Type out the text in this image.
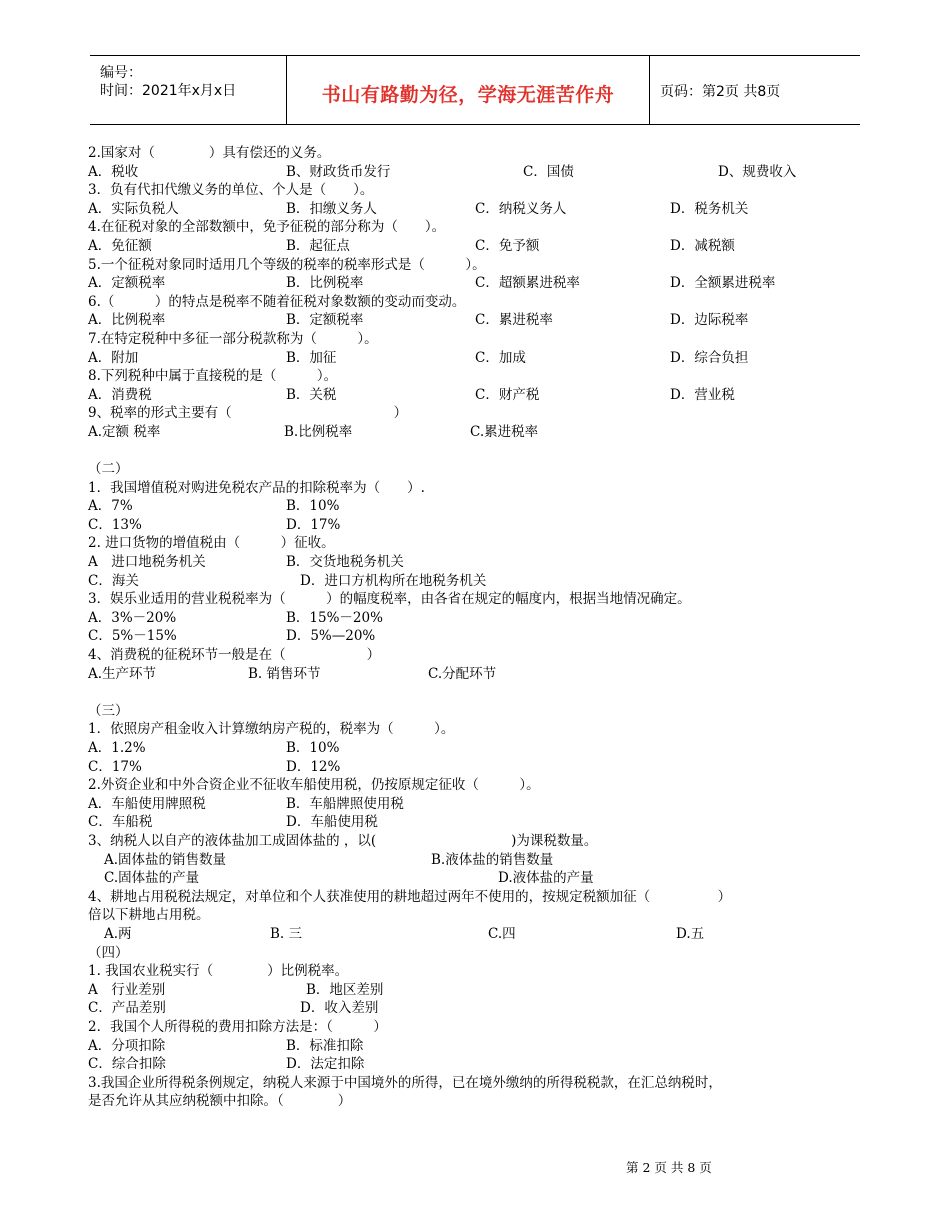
编号：
时间：2021年x月x日	书山有路勤为径，学海无涯苦作舟	页码：第2页 共8页
2.国家对（　　　　）具有偿还的义务。
A．税收	B、财政货币发行	C．国债	D、规费收入
3．负有代扣代缴义务的单位、个人是（　　）。
A．实际负税人	B．扣缴义务人	C．纳税义务人	D．税务机关
4.在征税对象的全部数额中，免予征税的部分称为（　　）。
A．免征额	B．起征点	C．免予额	D．减税额
5.一个征税对象同时适用几个等级的税率的税率形式是（　　　）。
A．定额税率	B．比例税率	C．超额累进税率	D．全额累进税率
6.（　　　）的特点是税率不随着征税对象数额的变动而变动。
A．比例税率	B．定额税率	C．累进税率	D．边际税率
7.在特定税种中多征一部分税款称为（　　　）。
A．附加	B．加征	C．加成	D．综合负担
8.下列税种中属于直接税的是（　　　）。
A．消费税	B．关税	C．财产税	D．营业税
9、税率的形式主要有（　　　　　　　　　　　　）
A.定额 税率	B.比例税率	C.累进税率
（二）
1．我国增值税对购进免税农产品的扣除税率为（　　）.
A．7%	B．10%
C．13%	D．17%
2. 进口货物的增值税由（　　　）征收。
A　进口地税务机关	B．交货地税务机关
C．海关	D．进口方机构所在地税务机关
3．娱乐业适用的营业税税率为（　　　）的幅度税率，由各省在规定的幅度内，根据当地情况确定。
A．3%－20%	B．15%－20%
C．5%－15%	D．5%—20%
4、消费税的征税环节一般是在（　　　　　　）
A.生产环节	B. 销售环节	C.分配环节
（三）
1．依照房产租金收入计算缴纳房产税的，税率为（　　　）。
A．1.2%	B．10%
C．17%	D．12%
2.外资企业和中外合资企业不征收车船使用税，仍按原规定征收（　　　）。
A．车船使用牌照税	B．车船牌照使用税
C．车船税	D．车船使用税
3、纳税人以自产的液体盐加工成固体盐的 ，以(　　　　　　　　　　)为课税数量。
A.固体盐的销售数量	B.液体盐的销售数量
C.固体盐的产量	D.液体盐的产量
4、耕地占用税税法规定，对单位和个人获准使用的耕地超过两年不使用的，按规定税额加征（　　　　　）
倍以下耕地占用税。
A.两	B. 三	C.四	D.五
（四）
1. 我国农业税实行（　　　　）比例税率。
A　行业差别	B．地区差别
C．产品差别	D．收入差别
2．我国个人所得税的费用扣除方法是：（　　　）
A．分项扣除	B．标准扣除
C．综合扣除	D．法定扣除
3.我国企业所得税条例规定，纳税人来源于中国境外的所得，已在境外缴纳的所得税税款，在汇总纳税时，
是否允许从其应纳税额中扣除。（　　　　）
第 2 页 共 8 页
